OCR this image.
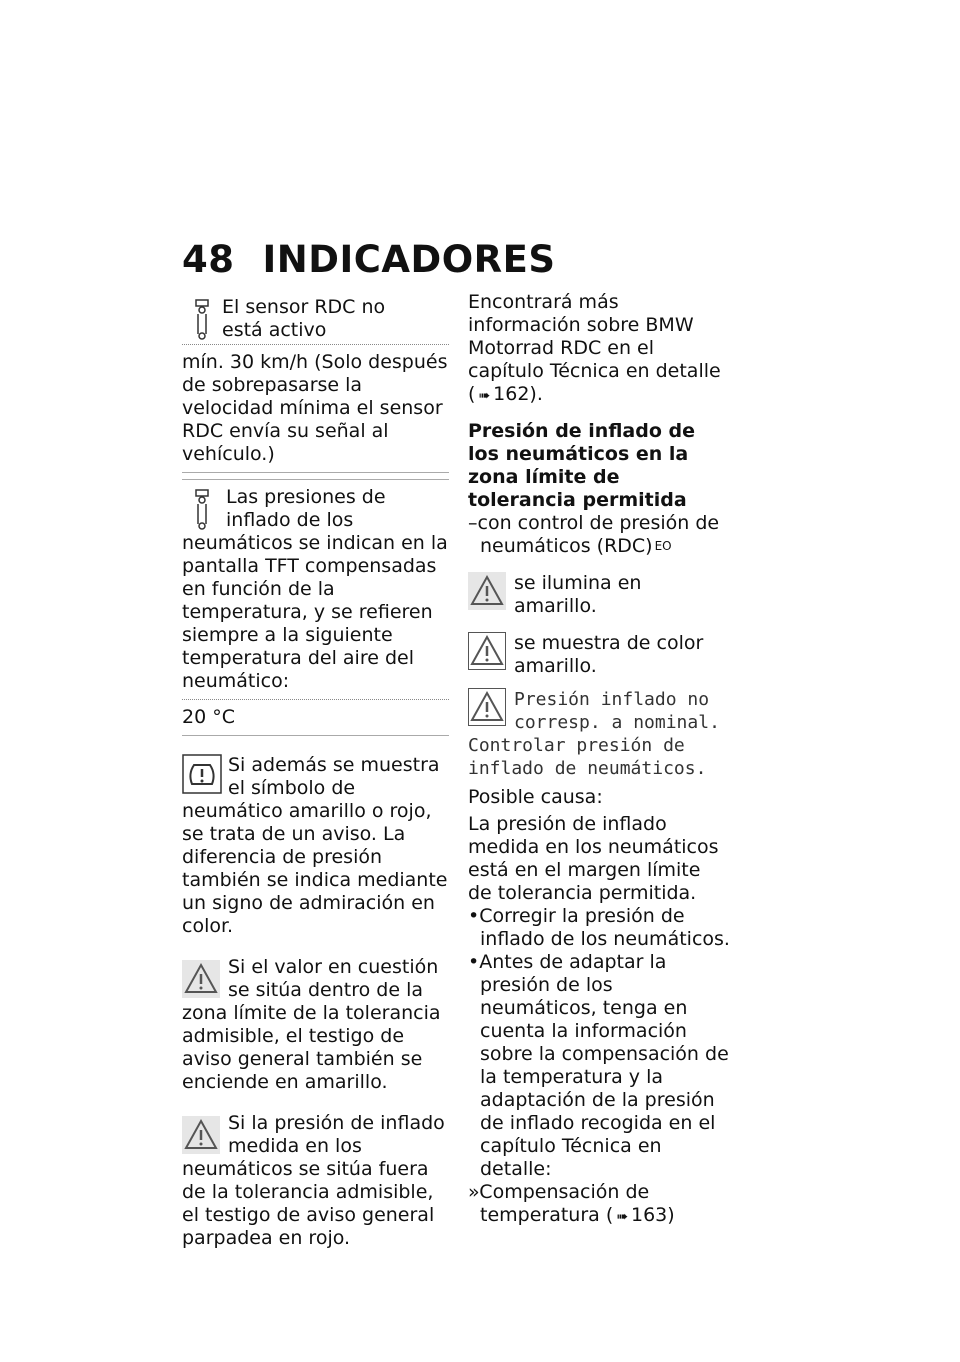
48 INDICADORES

El sensor RDC no está activo

mín. 30 km/h (Solo después de sobrepasarse la velocidad mínima el sensor RDC envía su señal al vehículo.)

Las presiones de inflado de los neumáticos se indican en la pantalla TFT compensadas en función de la temperatura, y se refieren siempre a la siguiente temperatura del aire del neumático:

20 °C

Si además se muestra el símbolo de neumático amarillo o rojo, se trata de un aviso. La diferencia de presión también se indica mediante un signo de admiración en color.

Si el valor en cuestión se sitúa dentro de la zona límite de la tolerancia admisible, el testigo de aviso general también se enciende en amarillo.

Si la presión de inflado medida en los neumáticos se sitúa fuera de la tolerancia admisible, el testigo de aviso general parpadea en rojo.

Encontrará más información sobre BMW Motorrad RDC en el capítulo Técnica en detalle ( ➠ 162).

Presión de inflado de los neumáticos en la zona límite de tolerancia permitida

–con control de presión de neumáticos (RDC) $^{EO}$

se ilumina en amarillo.

se muestra de color amarillo.

Presión inflado no corresp. a nominal. Controlar presión de inflado de neumáticos.

Posible causa:

La presión de inflado medida en los neumáticos está en el margen límite de tolerancia permitida.

•Corregir la presión de inflado de los neumáticos.

•Antes de adaptar la presión de los neumáticos, tenga en cuenta la información sobre la compensación de la temperatura y la adaptación de la presión de inflado recogida en el capítulo Técnica en detalle:

»Compensación de temperatura ( ➠ 163)
